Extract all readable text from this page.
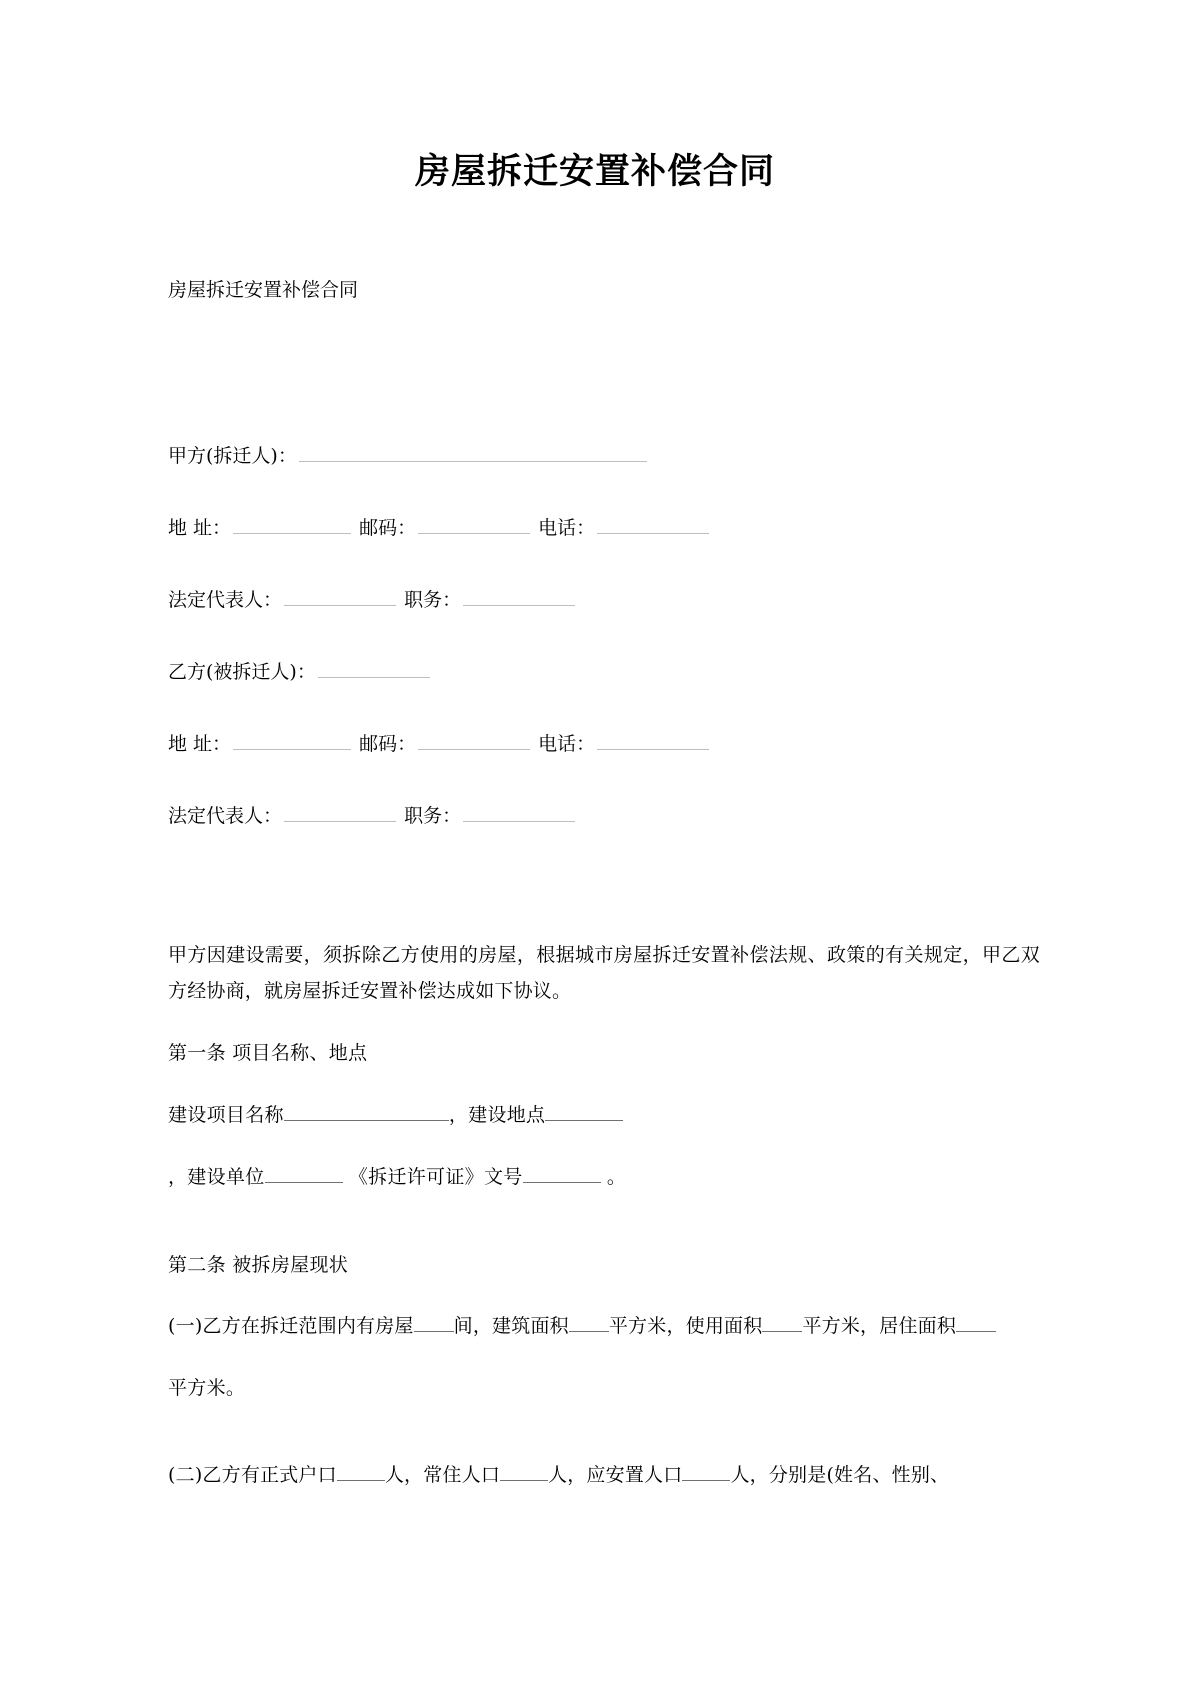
房屋拆迁安置补偿合同

房屋拆迁安置补偿合同

甲方(拆迁人)：

地 址：	邮码：	电话：

法定代表人：	职务：

乙方(被拆迁人)：

地 址：	邮码：	电话：

法定代表人：	职务：

甲方因建设需要，须拆除乙方使用的房屋，根据城市房屋拆迁安置补偿法规、政策的有关规定，甲乙双方经协商，就房屋拆迁安置补偿达成如下协议。

第一条 项目名称、地点

建设项目名称	，建设地点

，建设单位	《拆迁许可证》文号	。

第二条 被拆房屋现状

(一)乙方在拆迁范围内有房屋 间，建筑面积 平方米，使用面积 平方米，居住面积

平方米。

(二)乙方有正式户口	人，常住人口	人，应安置人口	人，分别是(姓名、性别、
